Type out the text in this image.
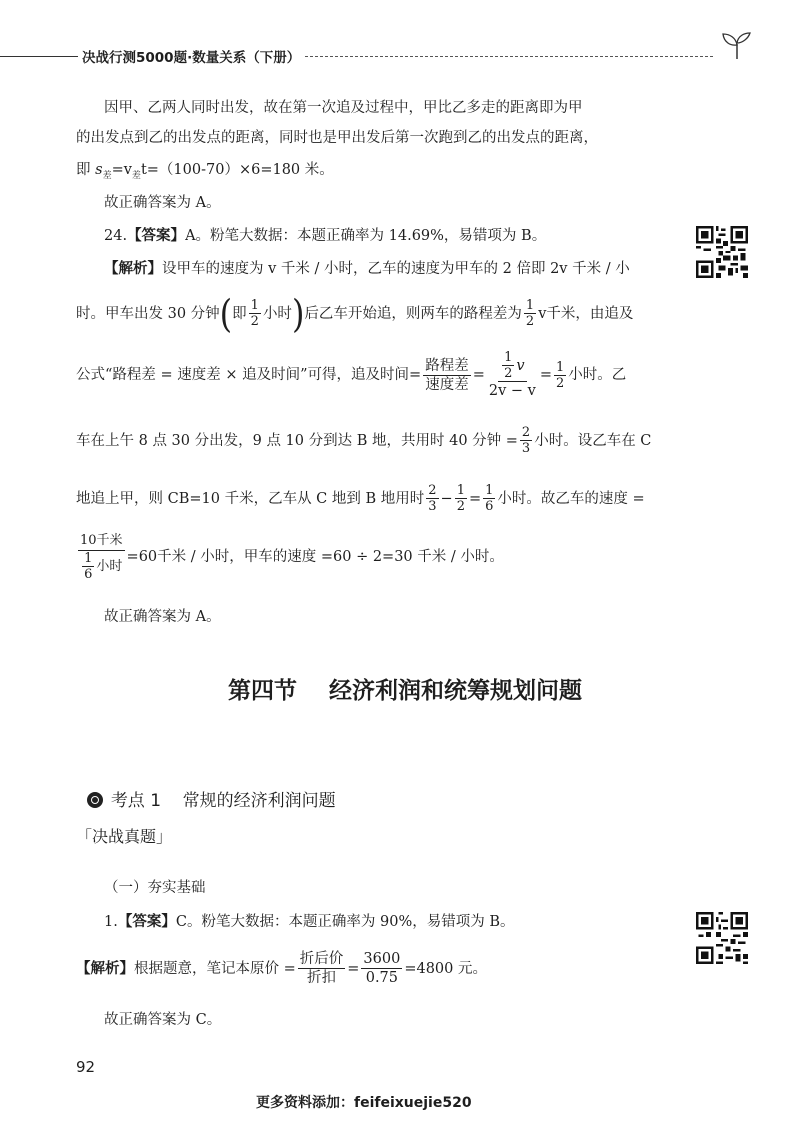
决战行测5000题·数量关系（下册）
因甲、乙两人同时出发，故在第一次追及过程中，甲比乙多走的距离即为甲
的出发点到乙的出发点的距离，同时也是甲出发后第一次跑到乙的出发点的距离，
即 $s_差=v_差t=(100-70)\times 6=180$ 米。
故正确答案为 A。
24.【答案】A。粉笔大数据：本题正确率为 14.69%，易错项为 B。
【解析】设甲车的速度为 v 千米 / 小时，乙车的速度为甲车的 2 倍即 2v 千米 / 小
时。甲车出发 30 分钟 ( 即 $\frac{1}{2}$ 小时 ) 后乙车开始追，则两车的路程差为 $\frac{1}{2}$ v千米，由追及
公式“路程差 = 速度差 × 追及时间”可得，追及时间= $\frac{\text{路程差}}{\text{速度差}} = \frac{\frac{1}{2} v}{2v - v} = \frac{1}{2}$ 小时。乙
车在上午 8 点 30 分出发，9 点 10 分到达 B 地，共用时 40 分钟 = $\frac{2}{3}$ 小时。设乙车在 C
地追上甲，则 CB=10 千米，乙车从 C 地到 B 地用时 $\frac{2}{3} - \frac{1}{2} = \frac{1}{6}$ 小时。故乙车的速度 =
$\frac{\text{10千米}}{\frac{1}{6} 小时} =60$千米 / 小时，甲车的速度 =60 ÷ 2=30 千米 / 小时。
故正确答案为 A。
第四节    经济利润和统筹规划问题

考点 1    常规的经济利润问题

「决战真题」
（一）夯实基础
1.【答案】C。粉笔大数据：本题正确率为 90%，易错项为 B。
【解析】 根据题意，笔记本原价 = $\frac{\text{折后价}}{\text{折扣}} = \frac{3600}{0.75} =4800$ 元。
故正确答案为 C。
92
更多资料添加：feifeixuejie520
